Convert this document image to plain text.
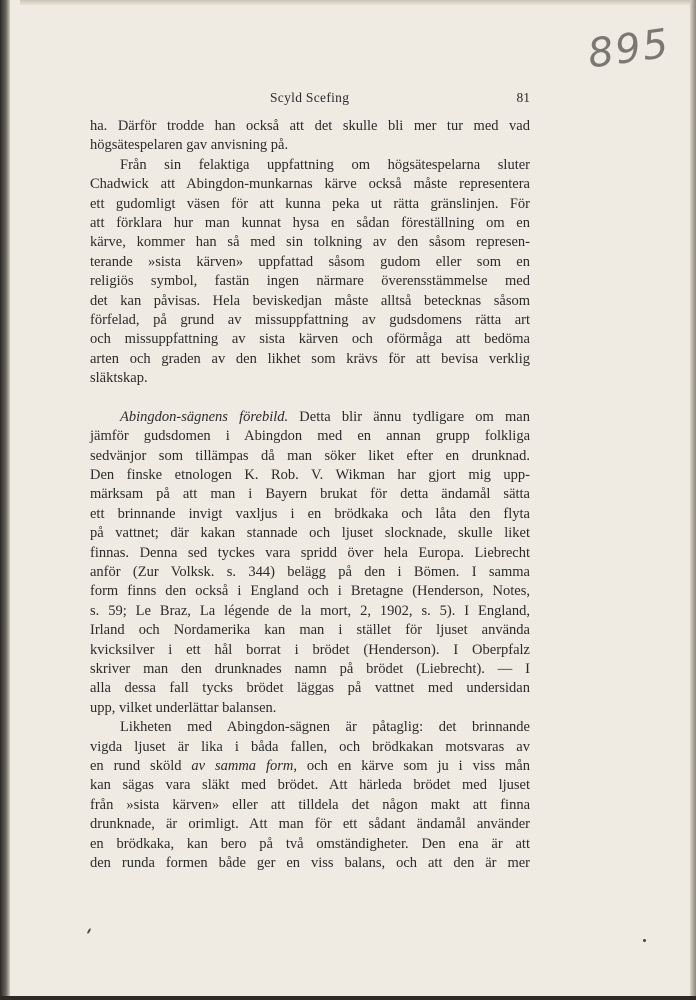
895
Scyld Scefing	81

ha. Därför trodde han också att det skulle bli mer tur med vad
högsätespelaren gav anvisning på.

Från sin felaktiga uppfattning om högsätespelarna sluter
Chadwick att Abingdon-munkarnas kärve också måste representera
ett gudomligt väsen för att kunna peka ut rätta gränslinjen. För
att förklara hur man kunnat hysa en sådan föreställning om en
kärve, kommer han så med sin tolkning av den såsom represen-
terande »sista kärven» uppfattad såsom gudom eller som en
religiös symbol, fastän ingen närmare överensstämmelse med
det kan påvisas. Hela beviskedjan måste alltså betecknas såsom
förfelad, på grund av missuppfattning av gudsdomens rätta art
och missuppfattning av sista kärven och oförmåga att bedöma
arten och graden av den likhet som krävs för att bevisa verklig
släktskap.

Abingdon-sägnens förebild. Detta blir ännu tydligare om man
jämför gudsdomen i Abingdon med en annan grupp folkliga
sedvänjor som tillämpas då man söker liket efter en drunknad.
Den finske etnologen K. Rob. V. Wikman har gjort mig upp-
märksam på att man i Bayern brukat för detta ändamål sätta
ett brinnande invigt vaxljus i en brödkaka och låta den flyta
på vattnet; där kakan stannade och ljuset slocknade, skulle liket
finnas. Denna sed tyckes vara spridd över hela Europa. Liebrecht
anför (Zur Volksk. s. 344) belägg på den i Bömen. I samma
form finns den också i England och i Bretagne (Henderson, Notes,
s. 59; Le Braz, La légende de la mort, 2, 1902, s. 5). I England,
Irland och Nordamerika kan man i stället för ljuset använda
kvicksilver i ett hål borrat i brödet (Henderson). I Oberpfalz
skriver man den drunknades namn på brödet (Liebrecht). — I
alla dessa fall tycks brödet läggas på vattnet med undersidan
upp, vilket underlättar balansen.

Likheten med Abingdon-sägnen är påtaglig: det brinnande
vigda ljuset är lika i båda fallen, och brödkakan motsvaras av
en rund sköld av samma form, och en kärve som ju i viss mån
kan sägas vara släkt med brödet. Att härleda brödet med ljuset
från »sista kärven» eller att tilldela det någon makt att finna
drunknade, är orimligt. Att man för ett sådant ändamål använder
en brödkaka, kan bero på två omständigheter. Den ena är att
den runda formen både ger en viss balans, och att den är mer
